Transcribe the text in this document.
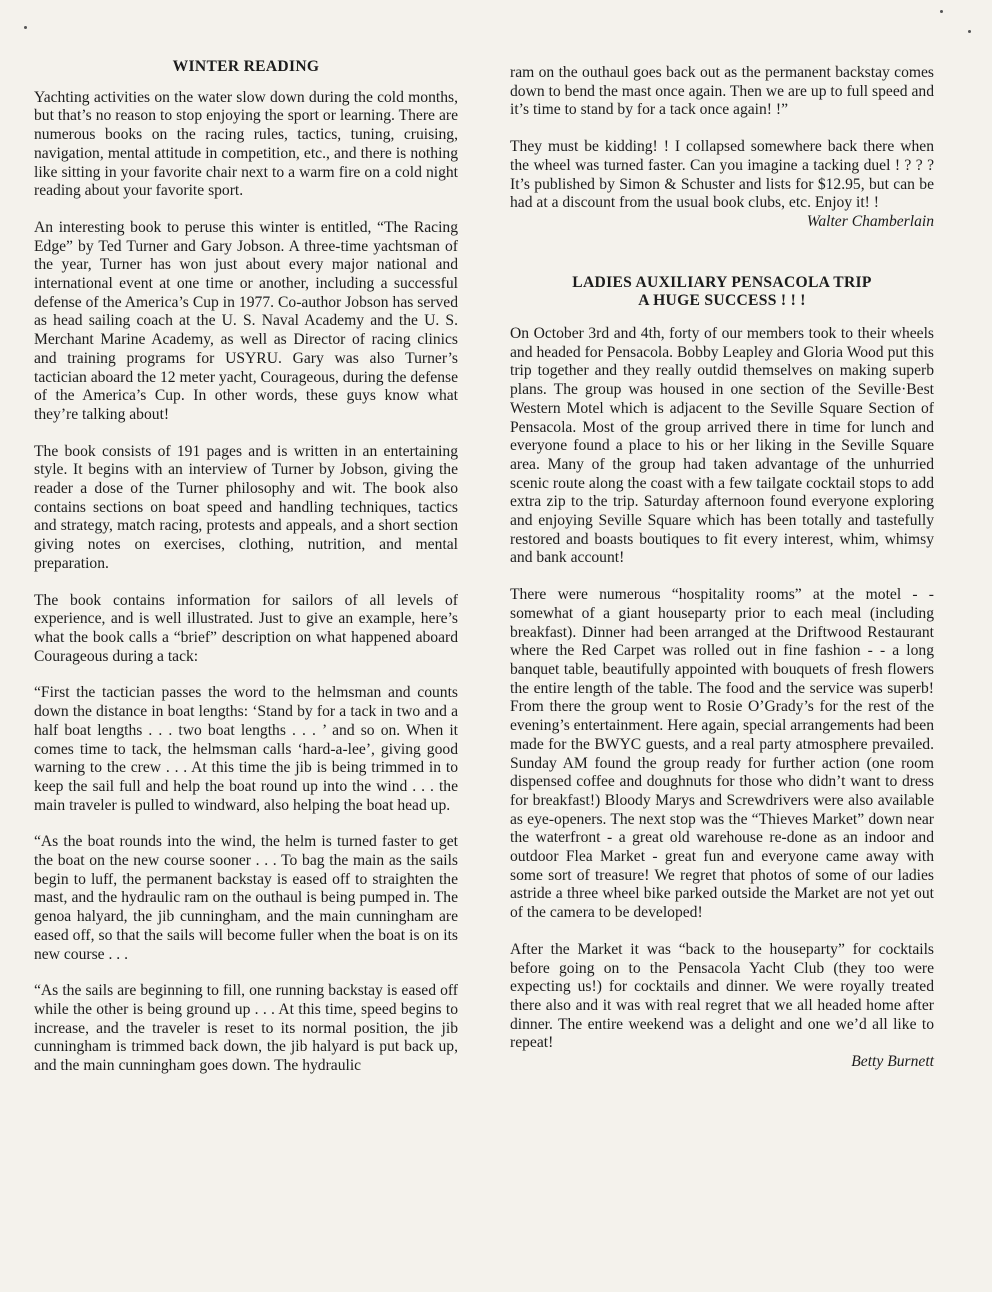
WINTER READING

Yachting activities on the water slow down during the cold months, but that’s no reason to stop enjoying the sport or learning. There are numerous books on the racing rules, tactics, tuning, cruising, navigation, mental attitude in competition, etc., and there is nothing like sitting in your favorite chair next to a warm fire on a cold night reading about your favorite sport.

An interesting book to peruse this winter is entitled, “The Racing Edge” by Ted Turner and Gary Jobson. A three-time yachtsman of the year, Turner has won just about every major national and international event at one time or another, including a successful defense of the America’s Cup in 1977. Co-author Jobson has served as head sailing coach at the U. S. Naval Academy and the U. S. Merchant Marine Academy, as well as Director of racing clinics and training programs for USYRU. Gary was also Turner’s tactician aboard the 12 meter yacht, Courageous, during the defense of the America’s Cup. In other words, these guys know what they’re talking about!

The book consists of 191 pages and is written in an entertaining style. It begins with an interview of Turner by Jobson, giving the reader a dose of the Turner philosophy and wit. The book also contains sections on boat speed and handling techniques, tactics and strategy, match racing, protests and appeals, and a short section giving notes on exercises, clothing, nutrition, and mental preparation.

The book contains information for sailors of all levels of experience, and is well illustrated. Just to give an example, here’s what the book calls a “brief” description on what happened aboard Courageous during a tack:

“First the tactician passes the word to the helmsman and counts down the distance in boat lengths: ‘Stand by for a tack in two and a half boat lengths . . . two boat lengths . . . ’ and so on. When it comes time to tack, the helmsman calls ‘hard-a-lee’, giving good warning to the crew . . . At this time the jib is being trimmed in to keep the sail full and help the boat round up into the wind . . . the main traveler is pulled to windward, also helping the boat head up.

“As the boat rounds into the wind, the helm is turned faster to get the boat on the new course sooner . . . To bag the main as the sails begin to luff, the permanent backstay is eased off to straighten the mast, and the hydraulic ram on the outhaul is being pumped in. The genoa halyard, the jib cunningham, and the main cunningham are eased off, so that the sails will become fuller when the boat is on its new course . . .

“As the sails are beginning to fill, one running backstay is eased off while the other is being ground up . . . At this time, speed begins to increase, and the traveler is reset to its normal position, the jib cunningham is trimmed back down, the jib halyard is put back up, and the main cunningham goes down. The hydraulic

ram on the outhaul goes back out as the permanent backstay comes down to bend the mast once again. Then we are up to full speed and it’s time to stand by for a tack once again! !”

They must be kidding! ! I collapsed somewhere back there when the wheel was turned faster. Can you imagine a tacking duel ! ? ? ? It’s published by Simon & Schuster and lists for $12.95, but can be had at a discount from the usual book clubs, etc. Enjoy it! !

Walter Chamberlain
LADIES AUXILIARY PENSACOLA TRIP
A HUGE SUCCESS ! ! !

On October 3rd and 4th, forty of our members took to their wheels and headed for Pensacola. Bobby Leapley and Gloria Wood put this trip together and they really outdid themselves on making superb plans. The group was housed in one section of the Seville·Best Western Motel which is adjacent to the Seville Square Section of Pensacola. Most of the group arrived there in time for lunch and everyone found a place to his or her liking in the Seville Square area. Many of the group had taken advantage of the unhurried scenic route along the coast with a few tailgate cocktail stops to add extra zip to the trip. Saturday afternoon found everyone exploring and enjoying Seville Square which has been totally and tastefully restored and boasts boutiques to fit every interest, whim, whimsy and bank account!

There were numerous “hospitality rooms” at the motel - - somewhat of a giant houseparty prior to each meal (including breakfast). Dinner had been arranged at the Driftwood Restaurant where the Red Carpet was rolled out in fine fashion - - a long banquet table, beautifully appointed with bouquets of fresh flowers the entire length of the table. The food and the service was superb! From there the group went to Rosie O’Grady’s for the rest of the evening’s entertainment. Here again, special arrangements had been made for the BWYC guests, and a real party atmosphere prevailed. Sunday AM found the group ready for further action (one room dispensed coffee and doughnuts for those who didn’t want to dress for breakfast!) Bloody Marys and Screwdrivers were also available as eye-openers. The next stop was the “Thieves Market” down near the waterfront - a great old warehouse re-done as an indoor and outdoor Flea Market - great fun and everyone came away with some sort of treasure! We regret that photos of some of our ladies astride a three wheel bike parked outside the Market are not yet out of the camera to be developed!

After the Market it was “back to the houseparty” for cocktails before going on to the Pensacola Yacht Club (they too were expecting us!) for cocktails and dinner. We were royally treated there also and it was with real regret that we all headed home after dinner. The entire weekend was a delight and one we’d all like to repeat!

Betty Burnett
